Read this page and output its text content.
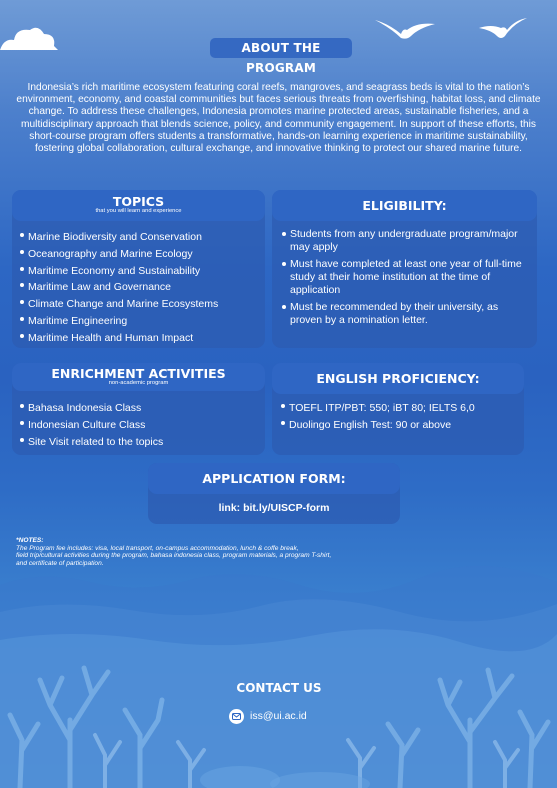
ABOUT THE PROGRAM

Indonesia’s rich maritime ecosystem featuring coral reefs, mangroves, and seagrass beds is vital to the nation’s environment, economy, and coastal communities but faces serious threats from overfishing, habitat loss, and climate change. To address these challenges, Indonesia promotes marine protected areas, sustainable fisheries, and a multidisciplinary approach that blends science, policy, and community engagement. In support of these efforts, this short-course program offers students a transformative, hands-on learning experience in maritime sustainability, fostering global collaboration, cultural exchange, and innovative thinking to protect our shared marine future.

TOPICS
that you will learn and experience
Marine Biodiversity and Conservation
Oceanography and Marine Ecology
Maritime Economy and Sustainability
Maritime Law and Governance
Climate Change and Marine Ecosystems
Maritime Engineering
Maritime Health and Human Impact
ELIGIBILITY:
Students from any undergraduate program/major may apply
Must have completed at least one year of full-time study at their home institution at the time of application
Must be recommended by their university, as proven by a nomination letter.
ENRICHMENT ACTIVITIES
non-academic program
Bahasa Indonesia Class
Indonesian Culture Class
Site Visit related to the topics
ENGLISH PROFICIENCY:
TOEFL ITP/PBT: 550; iBT 80; IELTS 6,0
Duolingo English Test: 90 or above
APPLICATION FORM:
link: bit.ly/UISCP-form
*NOTES:
The Program fee includes: visa, local transport, on-campus accommodation, lunch & coffe break,
field trip/cultural activities during the program, bahasa indonesia class, program materials, a program T-shirt,
and certificate of participation.
CONTACT US
iss@ui.ac.id
